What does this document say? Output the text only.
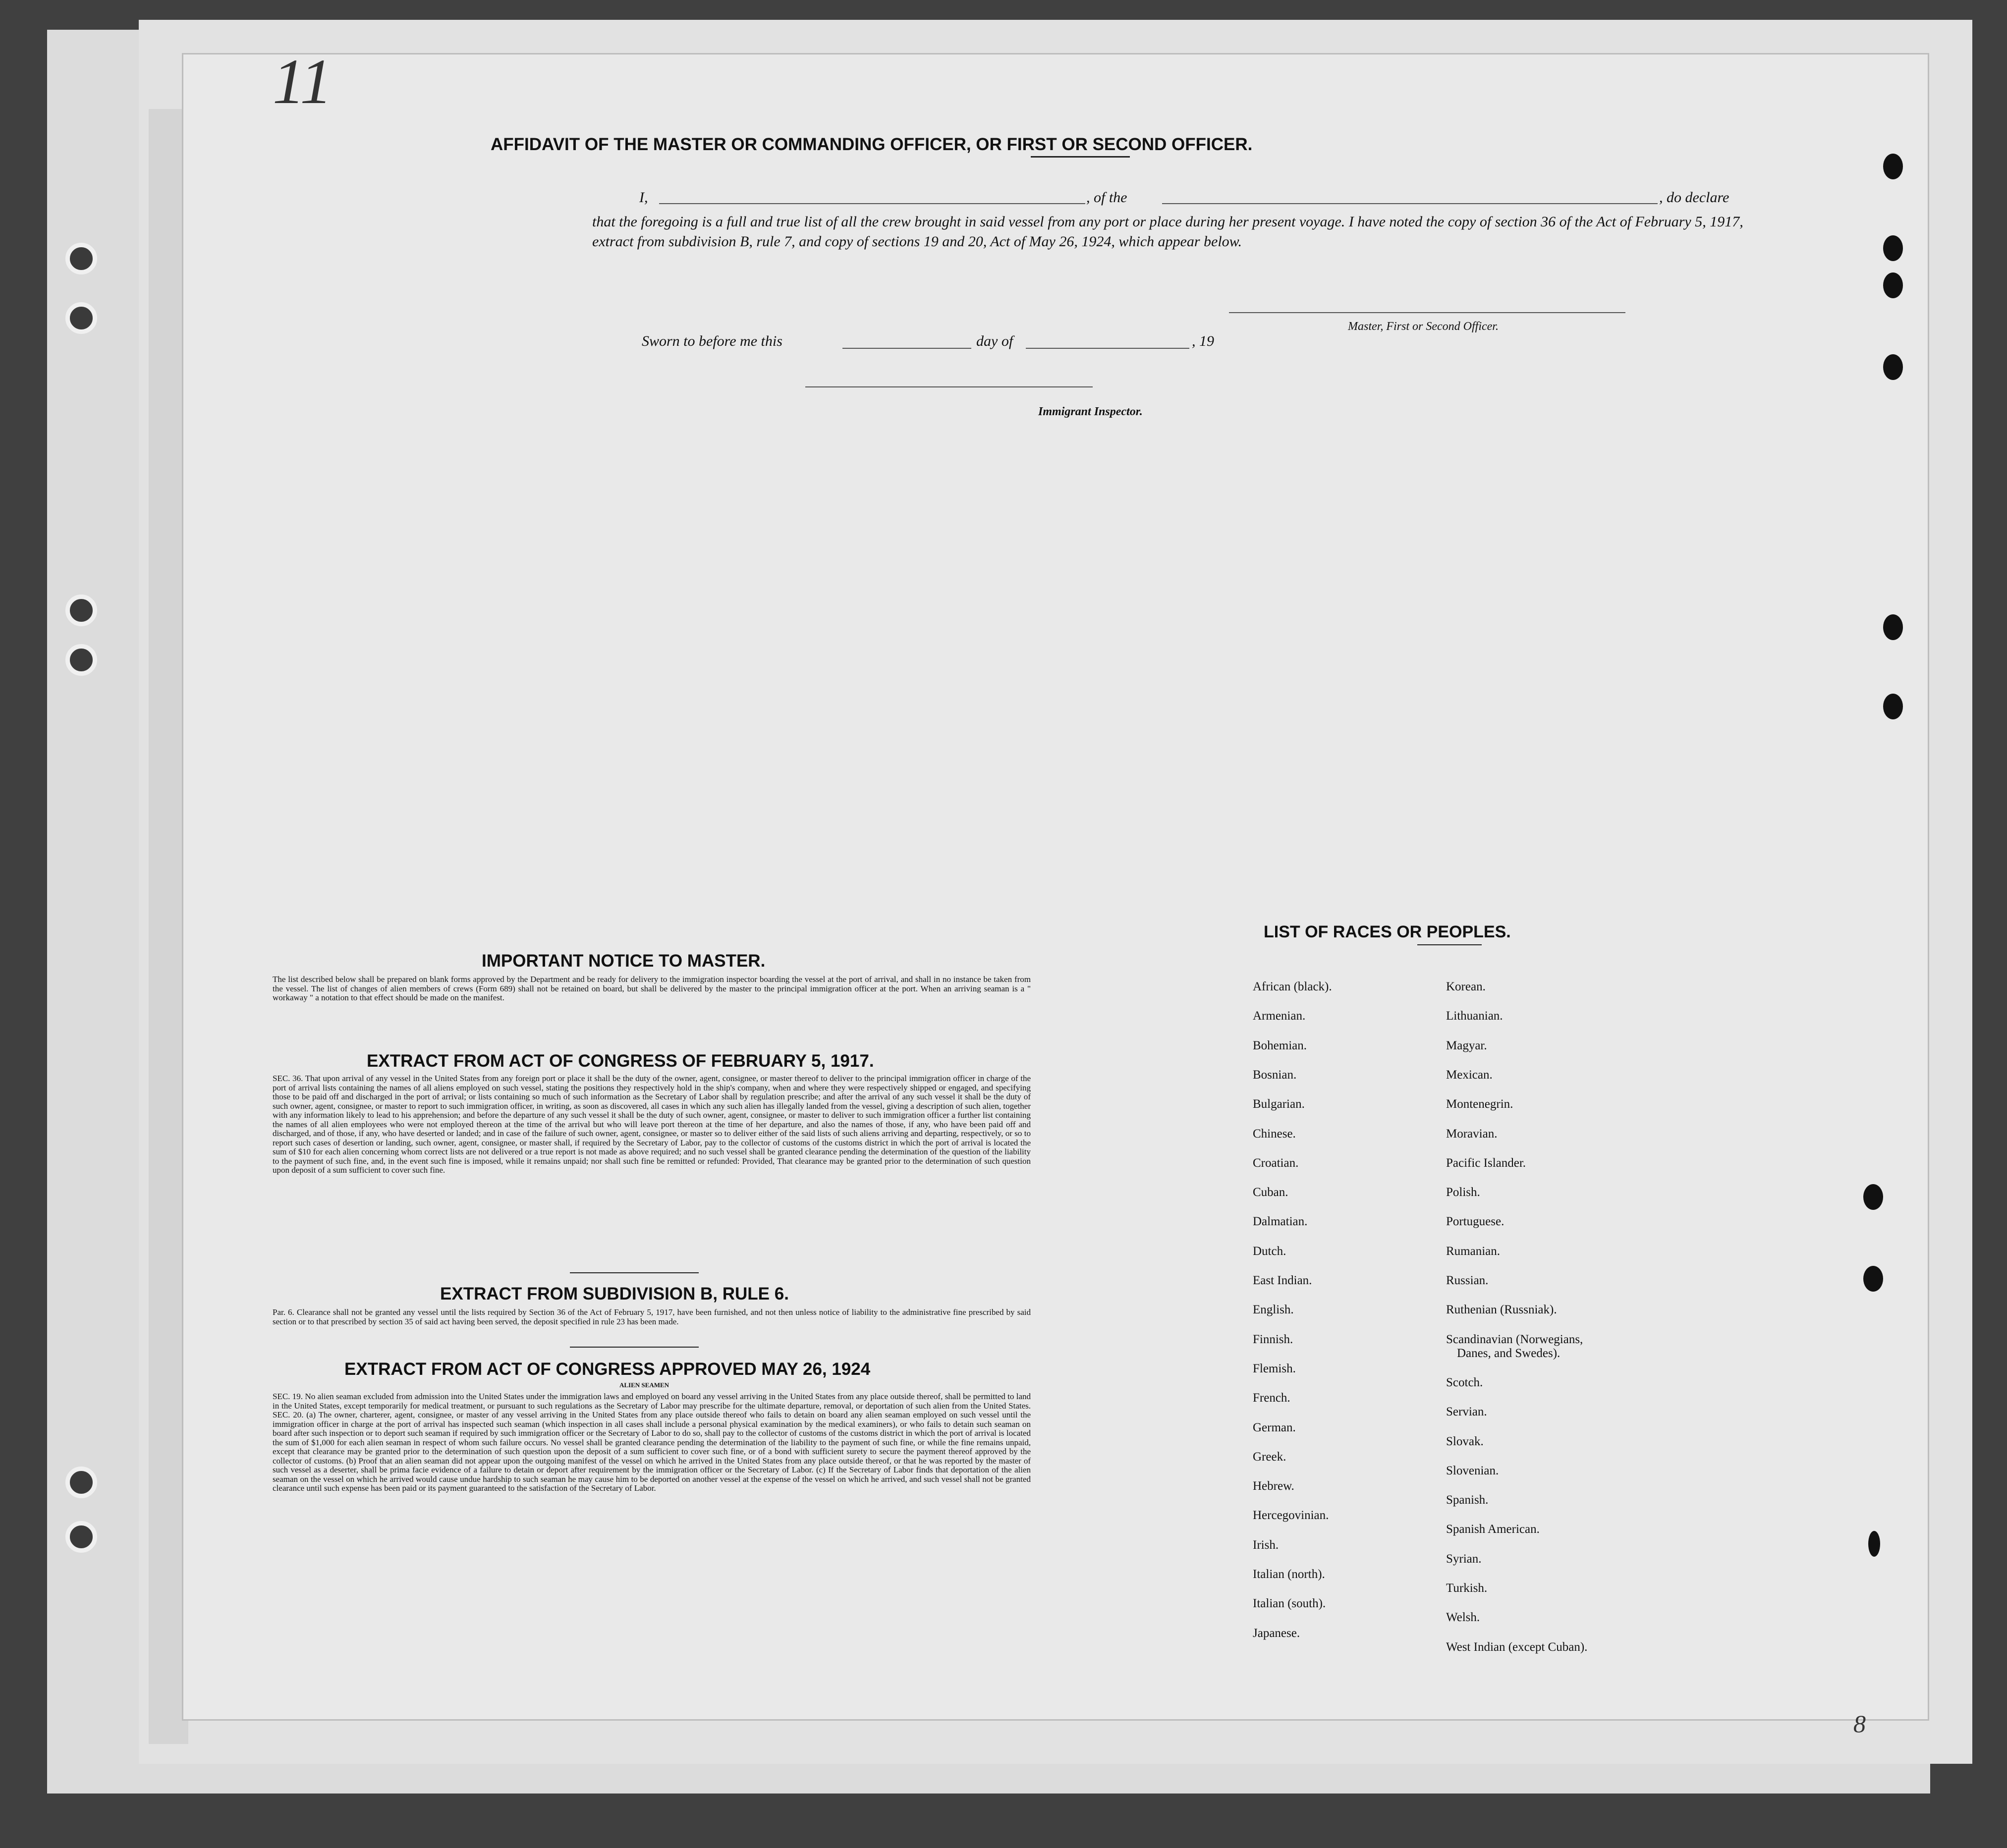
11
8
AFFIDAVIT OF THE MASTER OR COMMANDING OFFICER, OR FIRST OR SECOND OFFICER.
I,	, of the	, do declare
that the foregoing is a full and true list of all the crew brought in said vessel from any port or place during her present voyage. I have noted the copy of section 36 of the Act of February 5, 1917, extract from subdivision B, rule 7, and copy of sections 19 and 20, Act of May 26, 1924, which appear below.
Master, First or Second Officer.
Sworn to before me this	day of	, 19
Immigrant Inspector.
IMPORTANT NOTICE TO MASTER.
The list described below shall be prepared on blank forms approved by the Department and be ready for delivery to the immigration inspector boarding the vessel at the port of arrival, and shall in no instance be taken from the vessel. The list of changes of alien members of crews (Form 689) shall not be retained on board, but shall be delivered by the master to the principal immigration officer at the port. When an arriving seaman is a " workaway " a notation to that effect should be made on the manifest.
EXTRACT FROM ACT OF CONGRESS OF FEBRUARY 5, 1917.
SEC. 36. That upon arrival of any vessel in the United States from any foreign port or place it shall be the duty of the owner, agent, consignee, or master thereof to deliver to the principal immigration officer in charge of the port of arrival lists containing the names of all aliens employed on such vessel, stating the positions they respectively hold in the ship's company, when and where they were respectively shipped or engaged, and specifying those to be paid off and discharged in the port of arrival; or lists containing so much of such information as the Secretary of Labor shall by regulation prescribe; and after the arrival of any such vessel it shall be the duty of such owner, agent, consignee, or master to report to such immigration officer, in writing, as soon as discovered, all cases in which any such alien has illegally landed from the vessel, giving a description of such alien, together with any information likely to lead to his apprehension; and before the departure of any such vessel it shall be the duty of such owner, agent, consignee, or master to deliver to such immigration officer a further list containing the names of all alien employees who were not employed thereon at the time of the arrival but who will leave port thereon at the time of her departure, and also the names of those, if any, who have been paid off and discharged, and of those, if any, who have deserted or landed; and in case of the failure of such owner, agent, consignee, or master so to deliver either of the said lists of such aliens arriving and departing, respectively, or so to report such cases of desertion or landing, such owner, agent, consignee, or master shall, if required by the Secretary of Labor, pay to the collector of customs of the customs district in which the port of arrival is located the sum of $10 for each alien concerning whom correct lists are not delivered or a true report is not made as above required; and no such vessel shall be granted clearance pending the determination of the question of the liability to the payment of such fine, and, in the event such fine is imposed, while it remains unpaid; nor shall such fine be remitted or refunded: Provided, That clearance may be granted prior to the determination of such question upon deposit of a sum sufficient to cover such fine.
EXTRACT FROM SUBDIVISION B, RULE 6.
Par. 6. Clearance shall not be granted any vessel until the lists required by Section 36 of the Act of February 5, 1917, have been furnished, and not then unless notice of liability to the administrative fine prescribed by said section or to that prescribed by section 35 of said act having been served, the deposit specified in rule 23 has been made.
EXTRACT FROM ACT OF CONGRESS APPROVED MAY 26, 1924
ALIEN SEAMEN
SEC. 19. No alien seaman excluded from admission into the United States under the immigration laws and employed on board any vessel arriving in the United States from any place outside thereof, shall be permitted to land in the United States, except temporarily for medical treatment, or pursuant to such regulations as the Secretary of Labor may prescribe for the ultimate departure, removal, or deportation of such alien from the United States. SEC. 20. (a) The owner, charterer, agent, consignee, or master of any vessel arriving in the United States from any place outside thereof who fails to detain on board any alien seaman employed on such vessel until the immigration officer in charge at the port of arrival has inspected such seaman (which inspection in all cases shall include a personal physical examination by the medical examiners), or who fails to detain such seaman on board after such inspection or to deport such seaman if required by such immigration officer or the Secretary of Labor to do so, shall pay to the collector of customs of the customs district in which the port of arrival is located the sum of $1,000 for each alien seaman in respect of whom such failure occurs. No vessel shall be granted clearance pending the determination of the liability to the payment of such fine, or while the fine remains unpaid, except that clearance may be granted prior to the determination of such question upon the deposit of a sum sufficient to cover such fine, or of a bond with sufficient surety to secure the payment thereof approved by the collector of customs. (b) Proof that an alien seaman did not appear upon the outgoing manifest of the vessel on which he arrived in the United States from any place outside thereof, or that he was reported by the master of such vessel as a deserter, shall be prima facie evidence of a failure to detain or deport after requirement by the immigration officer or the Secretary of Labor. (c) If the Secretary of Labor finds that deportation of the alien seaman on the vessel on which he arrived would cause undue hardship to such seaman he may cause him to be deported on another vessel at the expense of the vessel on which he arrived, and such vessel shall not be granted clearance until such expense has been paid or its payment guaranteed to the satisfaction of the Secretary of Labor.
LIST OF RACES OR PEOPLES.
African (black).
Armenian.
Bohemian.
Bosnian.
Bulgarian.
Chinese.
Croatian.
Cuban.
Dalmatian.
Dutch.
East Indian.
English.
Finnish.
Flemish.
French.
German.
Greek.
Hebrew.
Hercegovinian.
Irish.
Italian (north).
Italian (south).
Japanese.
Korean.
Lithuanian.
Magyar.
Mexican.
Montenegrin.
Moravian.
Pacific Islander.
Polish.
Portuguese.
Rumanian.
Russian.
Ruthenian (Russniak).
Scandinavian (Norwegians,
Danes, and Swedes).
Scotch.
Servian.
Slovak.
Slovenian.
Spanish.
Spanish American.
Syrian.
Turkish.
Welsh.
West Indian (except Cuban).
